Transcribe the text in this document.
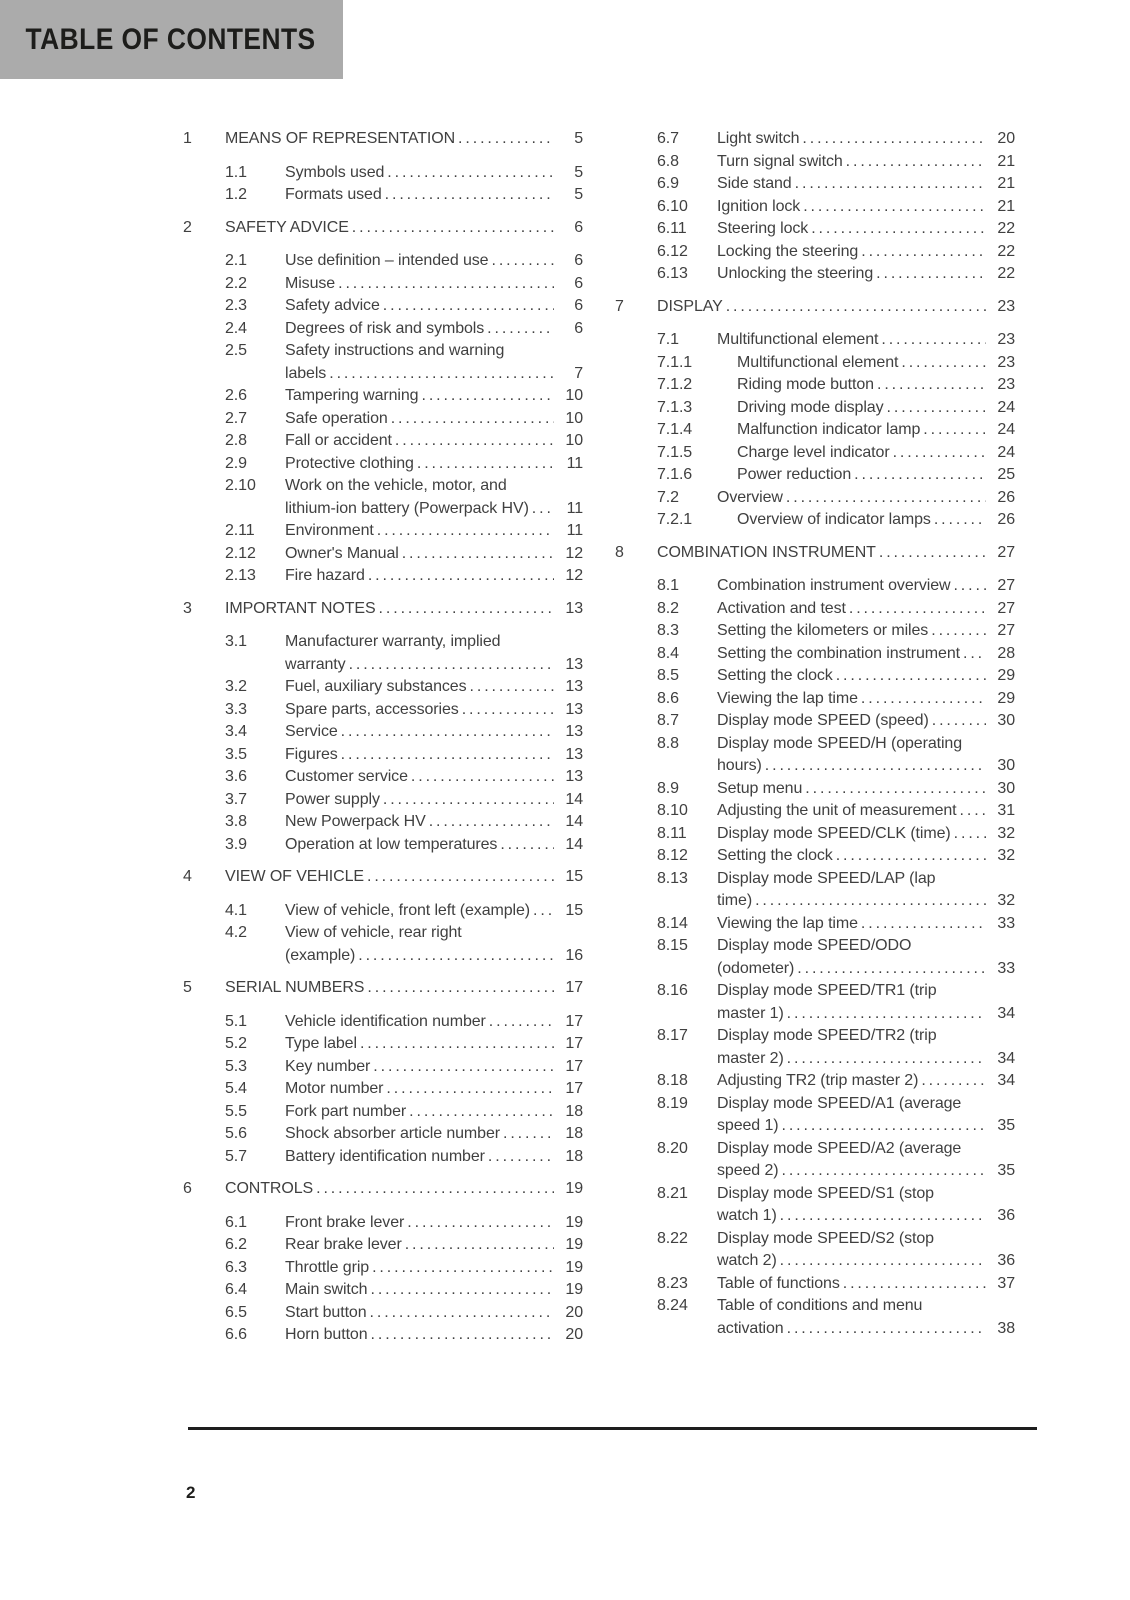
TABLE OF CONTENTS
1	MEANS OF REPRESENTATION .....	5
1.1	Symbols used .....	5
1.2	Formats used .....	5
2	SAFETY ADVICE .....	6
2.1	Use definition – intended use .....	6
2.2	Misuse .....	6
2.3	Safety advice .....	6
2.4	Degrees of risk and symbols .....	6
2.5	Safety instructions and warning
labels .....	7
2.6	Tampering warning .....	10
2.7	Safe operation .....	10
2.8	Fall or accident .....	10
2.9	Protective clothing .....	11
2.10	Work on the vehicle, motor, and
lithium-ion battery (Powerpack HV) .....	11
2.11	Environment .....	11
2.12	Owner's Manual .....	12
2.13	Fire hazard .....	12
3	IMPORTANT NOTES .....	13
3.1	Manufacturer warranty, implied
warranty .....	13
3.2	Fuel, auxiliary substances .....	13
3.3	Spare parts, accessories .....	13
3.4	Service .....	13
3.5	Figures .....	13
3.6	Customer service .....	13
3.7	Power supply .....	14
3.8	New Powerpack HV .....	14
3.9	Operation at low temperatures .....	14
4	VIEW OF VEHICLE .....	15
4.1	View of vehicle, front left (example) .....	15
4.2	View of vehicle, rear right
(example) .....	16
5	SERIAL NUMBERS .....	17
5.1	Vehicle identification number .....	17
5.2	Type label .....	17
5.3	Key number .....	17
5.4	Motor number .....	17
5.5	Fork part number .....	18
5.6	Shock absorber article number .....	18
5.7	Battery identification number .....	18
6	CONTROLS .....	19
6.1	Front brake lever .....	19
6.2	Rear brake lever .....	19
6.3	Throttle grip .....	19
6.4	Main switch .....	19
6.5	Start button .....	20
6.6	Horn button .....	20
6.7	Light switch .....	20
6.8	Turn signal switch .....	21
6.9	Side stand .....	21
6.10	Ignition lock .....	21
6.11	Steering lock .....	22
6.12	Locking the steering .....	22
6.13	Unlocking the steering .....	22
7	DISPLAY .....	23
7.1	Multifunctional element .....	23
7.1.1	Multifunctional element .....	23
7.1.2	Riding mode button .....	23
7.1.3	Driving mode display .....	24
7.1.4	Malfunction indicator lamp .....	24
7.1.5	Charge level indicator .....	24
7.1.6	Power reduction .....	25
7.2	Overview .....	26
7.2.1	Overview of indicator lamps .....	26
8	COMBINATION INSTRUMENT .....	27
8.1	Combination instrument overview .....	27
8.2	Activation and test .....	27
8.3	Setting the kilometers or miles .....	27
8.4	Setting the combination instrument .....	28
8.5	Setting the clock .....	29
8.6	Viewing the lap time .....	29
8.7	Display mode SPEED (speed) .....	30
8.8	Display mode SPEED/H (operating
hours) .....	30
8.9	Setup menu .....	30
8.10	Adjusting the unit of measurement .....	31
8.11	Display mode SPEED/CLK (time) .....	32
8.12	Setting the clock .....	32
8.13	Display mode SPEED/LAP (lap
time) .....	32
8.14	Viewing the lap time .....	33
8.15	Display mode SPEED/ODO
(odometer) .....	33
8.16	Display mode SPEED/TR1 (trip
master 1) .....	34
8.17	Display mode SPEED/TR2 (trip
master 2) .....	34
8.18	Adjusting TR2 (trip master 2) .....	34
8.19	Display mode SPEED/A1 (average
speed 1) .....	35
8.20	Display mode SPEED/A2 (average
speed 2) .....	35
8.21	Display mode SPEED/S1 (stop
watch 1) .....	36
8.22	Display mode SPEED/S2 (stop
watch 2) .....	36
8.23	Table of functions .....	37
8.24	Table of conditions and menu
activation .....	38
2
